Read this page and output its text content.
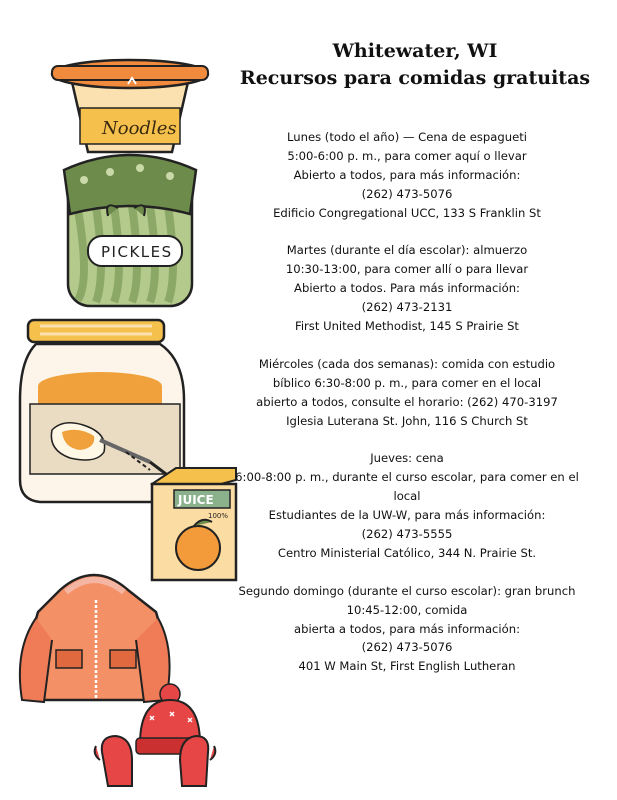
Noodles
PICKLES
JUICE
100%
Whitewater, WI
Recursos para comidas gratuitas
Lunes (todo el año) — Cena de espagueti
5:00-6:00 p. m., para comer aquí o llevar
Abierto a todos, para más información:
(262) 473-5076
Edificio Congregational UCC, 133 S Franklin St
Martes (durante el día escolar): almuerzo
10:30-13:00, para comer allí o para llevar
Abierto a todos. Para más información:
(262) 473-2131
First United Methodist, 145 S Prairie St
Miércoles (cada dos semanas): comida con estudio
bíblico 6:30-8:00 p. m., para comer en el local
abierto a todos, consulte el horario: (262) 470-3197
Iglesia Luterana St. John, 116 S Church St
Jueves: cena
6:00-8:00 p. m., durante el curso escolar, para comer en el local
Estudiantes de la UW-W, para más información:
(262) 473-5555
Centro Ministerial Católico, 344 N. Prairie St.
Segundo domingo (durante el curso escolar): gran brunch 10:45-12:00, comida
abierta a todos, para más información:
(262) 473-5076
401 W Main St, First English Lutheran
